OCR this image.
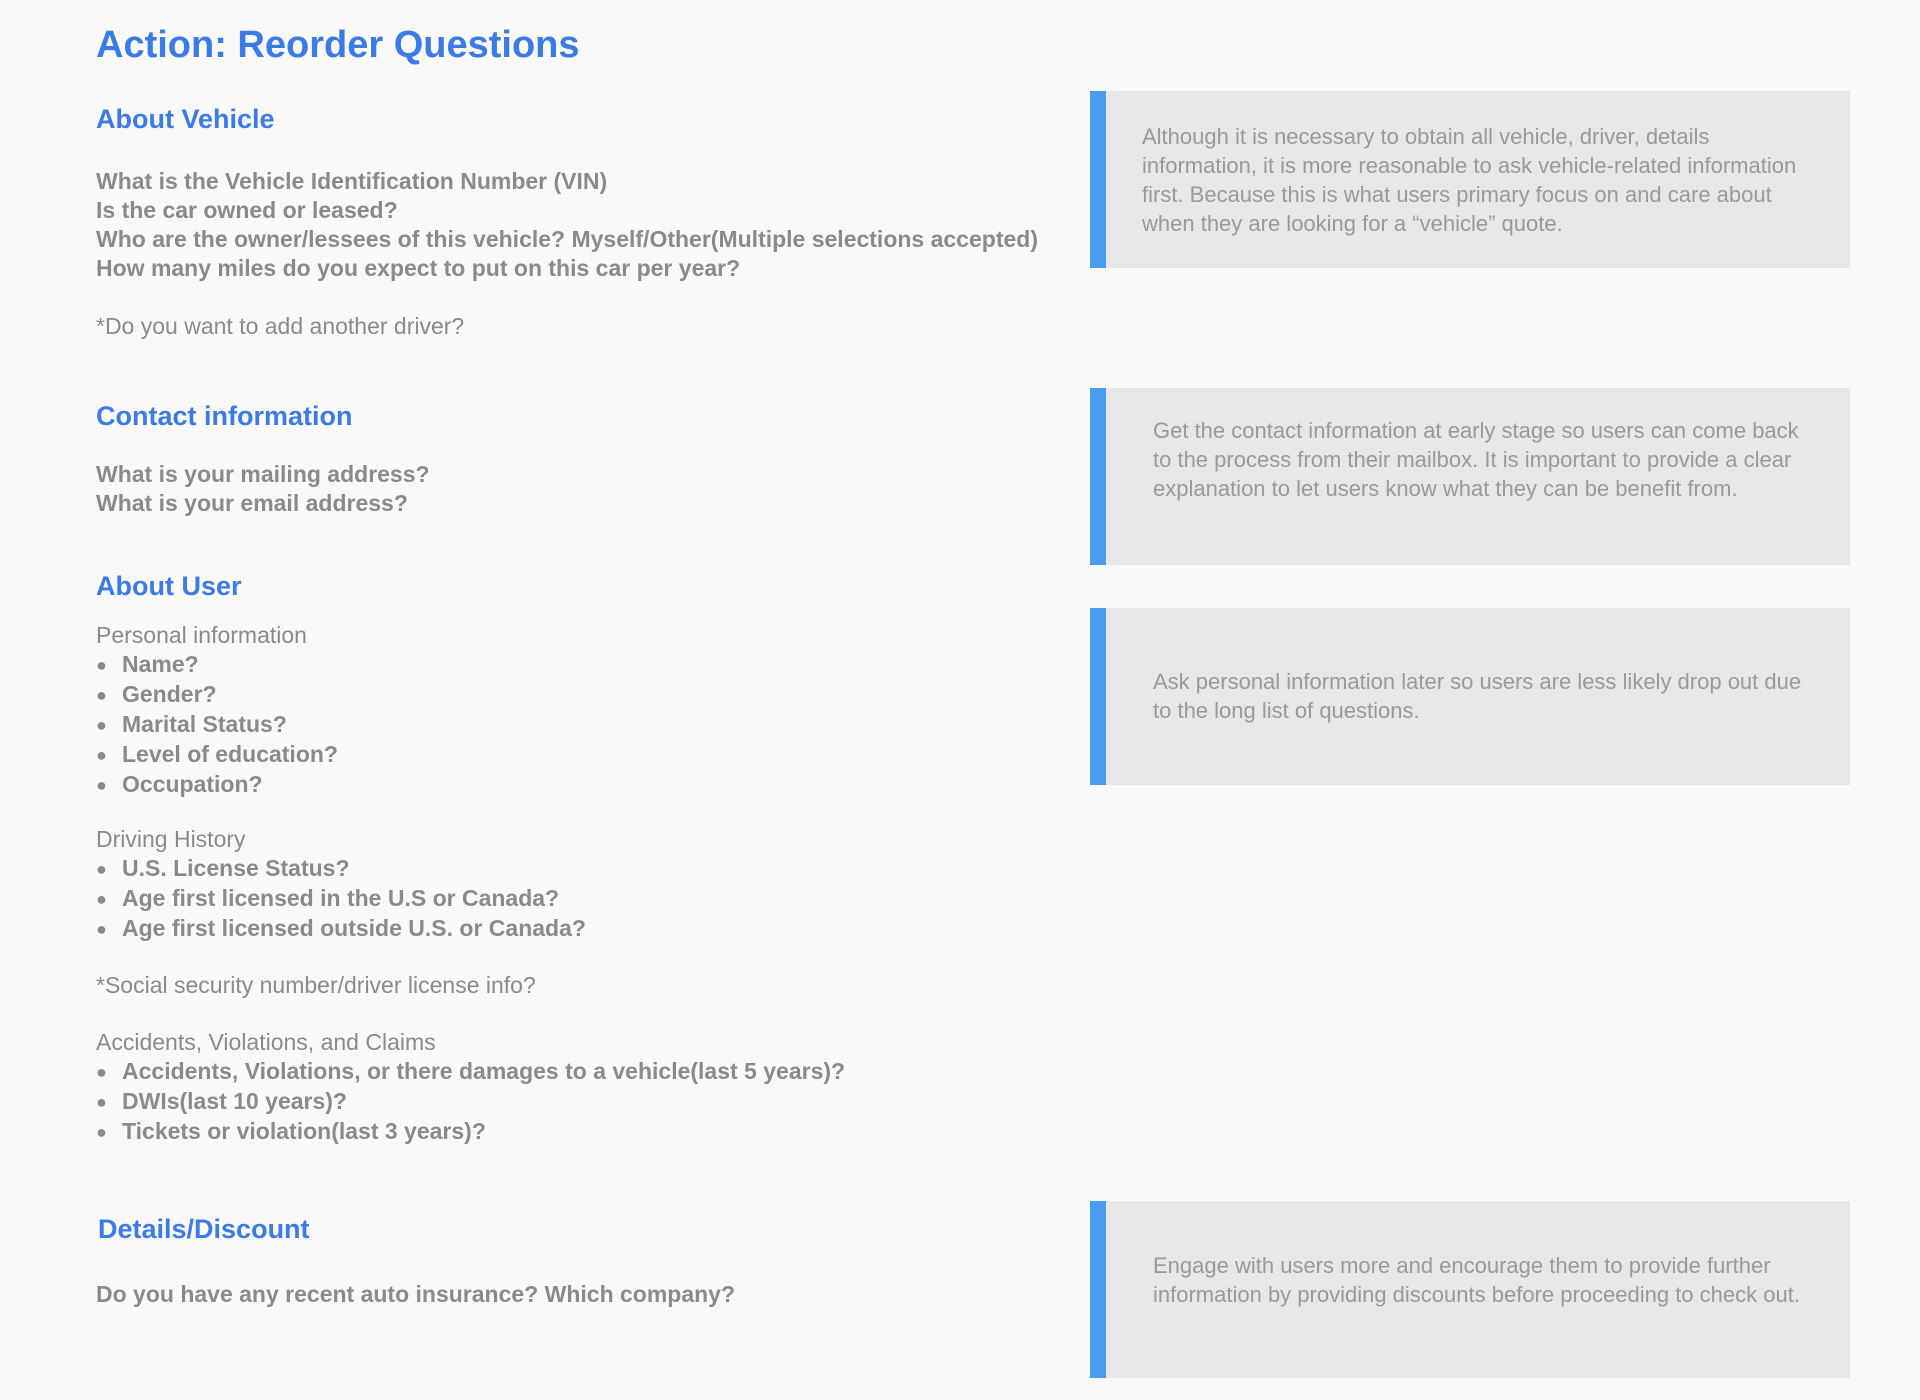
Action: Reorder Questions
About Vehicle
What is the Vehicle Identification Number (VIN)
Is the car owned or leased?
Who are the owner/lessees of this vehicle? Myself/Other(Multiple selections accepted)
How many miles do you expect to put on this car per year?
*Do you want to add another driver?
Contact information
What is your mailing address?
What is your email address?
About User
Personal information
● Name?
● Gender?
● Marital Status?
● Level of education?
● Occupation?
Driving History
● U.S. License Status?
● Age first licensed in the U.S or Canada?
● Age first licensed outside U.S. or Canada?
*Social security number/driver license info?
Accidents, Violations, and Claims
● Accidents, Violations, or there damages to a vehicle(last 5 years)?
● DWIs(last 10 years)?
● Tickets or violation(last 3 years)?
Details/Discount
Do you have any recent auto insurance? Which company?
Although it is necessary to obtain all vehicle, driver, details information, it is more reasonable to ask vehicle-related information first. Because this is what users primary focus on and care about when they are looking for a “vehicle” quote.
Get the contact information at early stage so users can come back to the process from their mailbox. It is important to provide a clear explanation to let users know what they can be benefit from.
Ask personal information later so users are less likely drop out due to the long list of questions.
Engage with users more and encourage them to provide further information by providing discounts before proceeding to check out.
